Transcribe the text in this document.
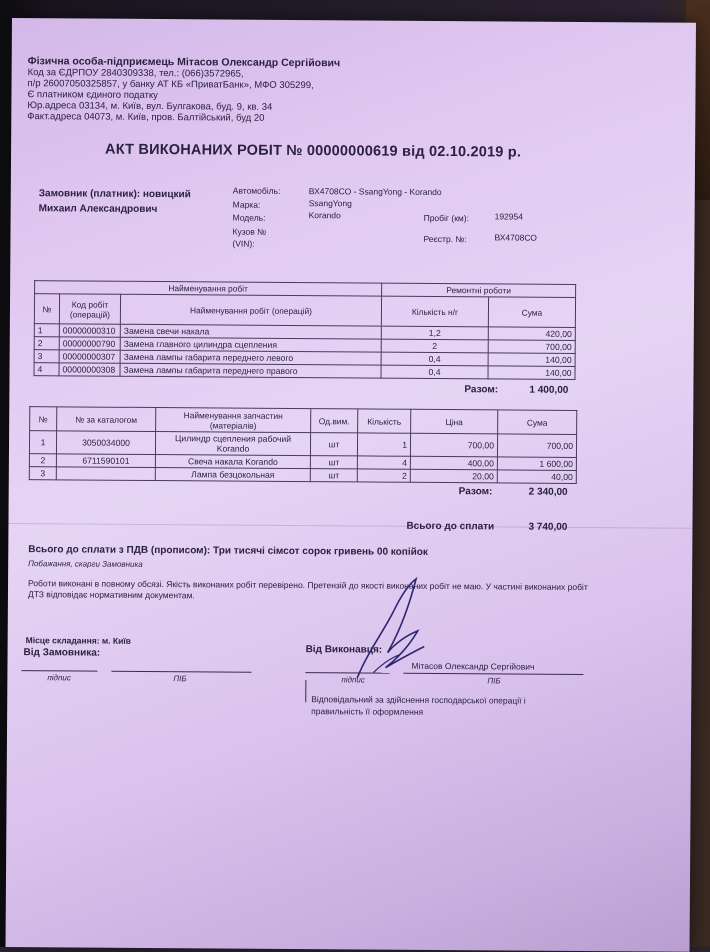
Фізична особа-підприємець Мітасов Олександр Сергійович
Код за ЄДРПОУ 2840309338, тел.: (066)3572965,
п/р 26007050325857, у банку АТ КБ «ПриватБанк», МФО 305299,
Є платником єдиного податку
Юр.адреса 03134, м. Київ, вул. Булгакова, буд. 9, кв. 34
Факт.адреса 04073, м. Київ, пров. Балтійський, буд 20
АКТ ВИКОНАНИХ РОБІТ № 00000000619 від 02.10.2019 р.
Замовник (платник): новицкий
Михаил Александрович
Автомобіль:	ВХ4708СО - SsangYong - Korando
Марка:	SsangYong
Модель:	Korando
Кузов №
(VIN):
Пробіг (км):	192954
Реєстр. №:	ВХ4708СО
Найменування робіт			Ремонтні роботи	
№	Код робіт (операцій)	Найменування робіт (операцій)	Кількість н/г	Сума
1	00000000310	Замена свечи накала	1,2	420,00
2	00000000790	Замена главного цилиндра сцепления	2	700,00
3	00000000307	Замена лампы габарита переднего левого	0,4	140,00
4	00000000308	Замена лампы габарита переднего правого	0,4	140,00
Разом:	1 400,00
№	№ за каталогом	Найменування запчастин (матеріалів)	Од.вим.	Кількість	Ціна	Сума
1	3050034000	Цилиндр сцепления рабочий Korando	шт	1	700,00	700,00
2	6711590101	Свеча накала Korando	шт	4	400,00	1 600,00
3		Лампа безцокольная	шт	2	20,00	40,00
Разом:	2 340,00
Всього до сплати	3 740,00
Всього до сплати з ПДВ (прописом): Три тисячі сімсот сорок гривень 00 копійок
Побажання, скарги Замовника
Роботи виконані в повному обсязі. Якість виконаних робіт перевірено. Претензій до якості виконаних робіт не маю. У частині виконаних робіт
ДТЗ відповідає нормативним документам.
Місце складання: м. Київ
Від Замовника:
підпис	ПІБ
Від Виконавця:
Мітасов Олександр Сергійович
підпис	ПІБ
Відповідальний за здійснення господарської операції і
правильність її оформлення
